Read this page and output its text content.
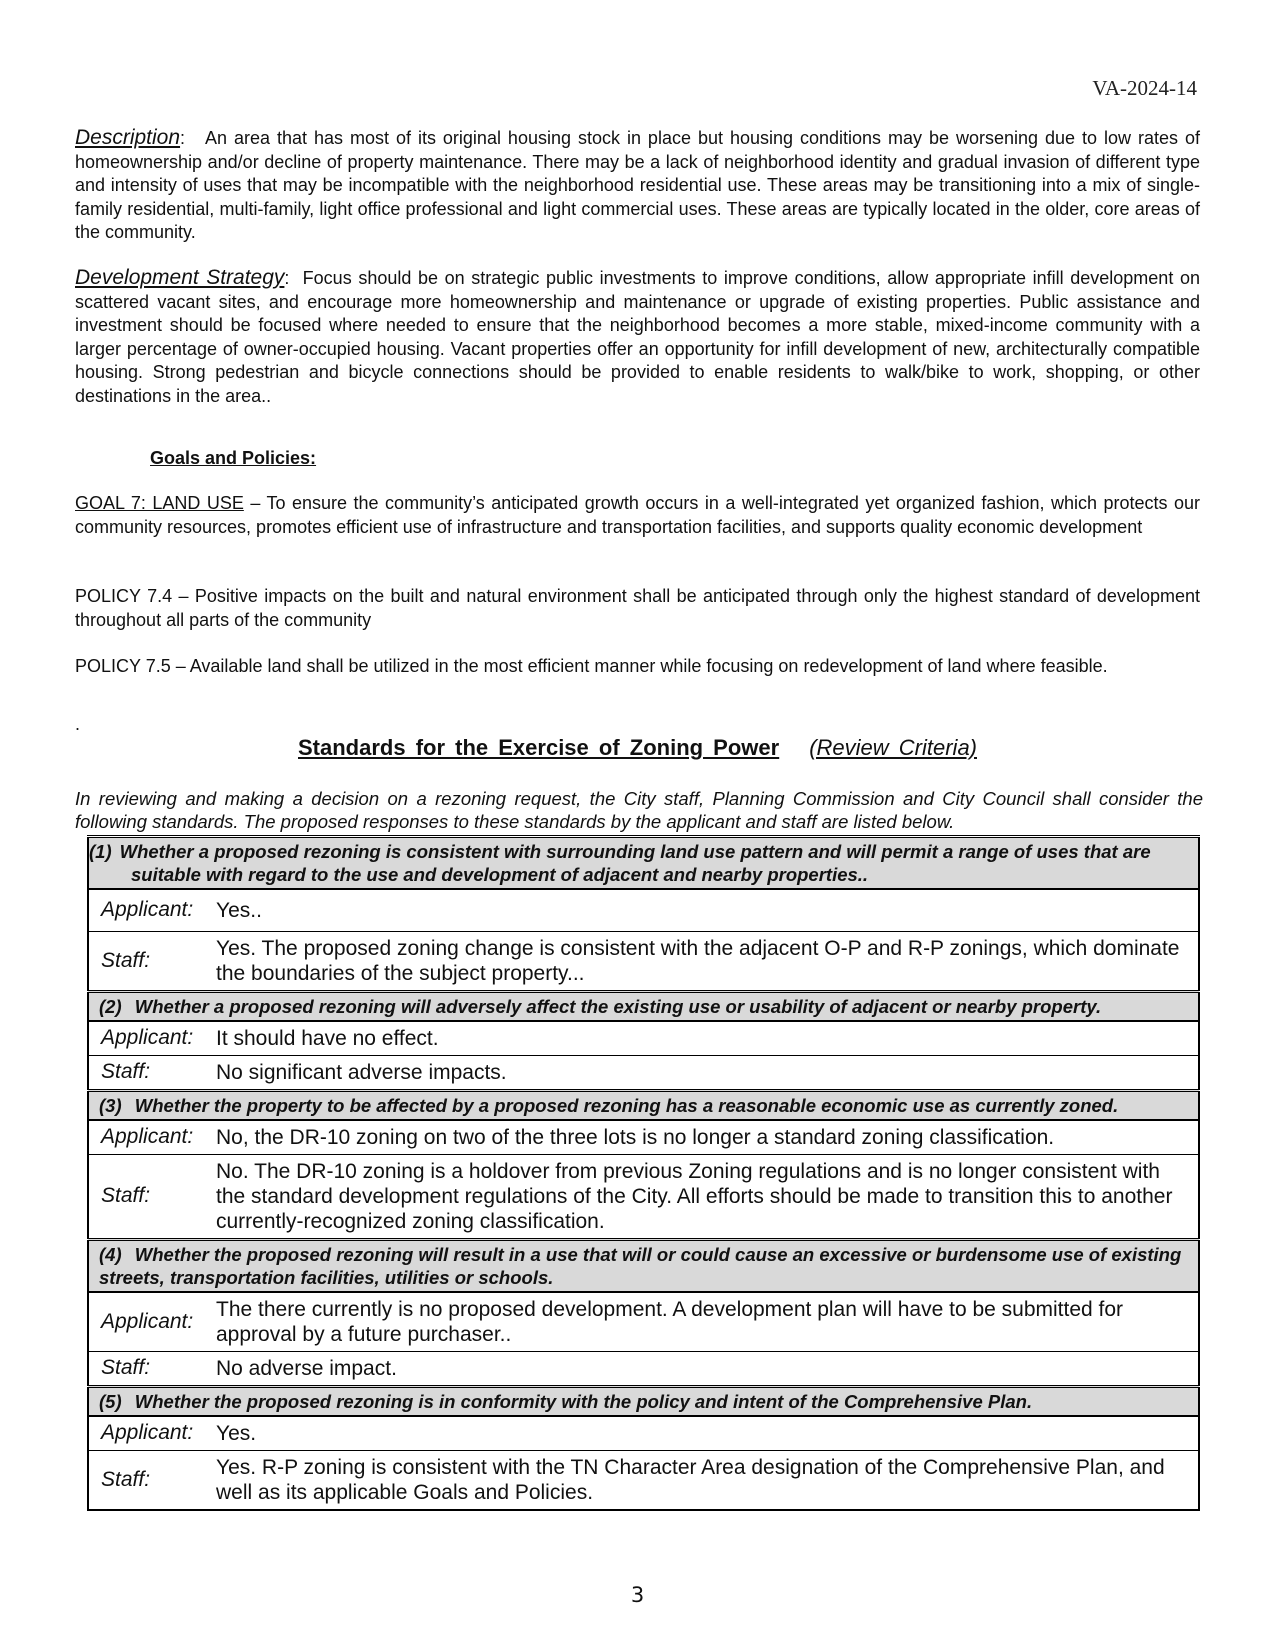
VA-2024-14
Description:   An area that has most of its original housing stock in place but housing conditions may be worsening due to low rates of homeownership and/or decline of property maintenance. There may be a lack of neighborhood identity and gradual invasion of different type and intensity of uses that may be incompatible with the neighborhood residential use. These areas may be transitioning into a mix of single-family residential, multi-family, light office professional and light commercial uses. These areas are typically located in the older, core areas of the community.
Development Strategy:  Focus should be on strategic public investments to improve conditions, allow appropriate infill development on scattered vacant sites, and encourage more homeownership and maintenance or upgrade of existing properties. Public assistance and investment should be focused where needed to ensure that the neighborhood becomes a more stable, mixed-income community with a larger percentage of owner-occupied housing. Vacant properties offer an opportunity for infill development of new, architecturally compatible housing. Strong pedestrian and bicycle connections should be provided to enable residents to walk/bike to work, shopping, or other destinations in the area..
Goals and Policies:
GOAL 7: LAND USE – To ensure the community’s anticipated growth occurs in a well-integrated yet organized fashion, which protects our community resources, promotes efficient use of infrastructure and transportation facilities, and supports quality economic development
POLICY 7.4 – Positive impacts on the built and natural environment shall be anticipated through only the highest standard of development throughout all parts of the community
POLICY 7.5 – Available land shall be utilized in the most efficient manner while focusing on redevelopment of land where feasible.
.
Standards for the Exercise of Zoning Power (Review Criteria)
In reviewing and making a decision on a rezoning request, the City staff, Planning Commission and City Council shall consider the following standards. The proposed responses to these standards by the applicant and staff are listed below.
(1) Whether a proposed rezoning is consistent with surrounding land use pattern and will permit a range of uses that are suitable with regard to the use and development of adjacent and nearby properties..	
Applicant:	Yes..
Staff:	Yes. The proposed zoning change is consistent with the adjacent O-P and R-P zonings, which dominate the boundaries of the subject property...
(2) Whether a proposed rezoning will adversely affect the existing use or usability of adjacent or nearby property.	
Applicant:	It should have no effect.
Staff:	No significant adverse impacts.
(3) Whether the property to be affected by a proposed rezoning has a reasonable economic use as currently zoned.	
Applicant:	No, the DR-10 zoning on two of the three lots is no longer a standard zoning classification.
Staff:	No. The DR-10 zoning is a holdover from previous Zoning regulations and is no longer consistent with the standard development regulations of the City. All efforts should be made to transition this to another currently-recognized zoning classification.
(4) Whether the proposed rezoning will result in a use that will or could cause an excessive or burdensome use of existing streets, transportation facilities, utilities or schools.	
Applicant:	The there currently is no proposed development. A development plan will have to be submitted for approval by a future purchaser..
Staff:	No adverse impact.
(5) Whether the proposed rezoning is in conformity with the policy and intent of the Comprehensive Plan.	
Applicant:	Yes.
Staff:	Yes. R-P zoning is consistent with the TN Character Area designation of the Comprehensive Plan, and well as its applicable Goals and Policies.
3
